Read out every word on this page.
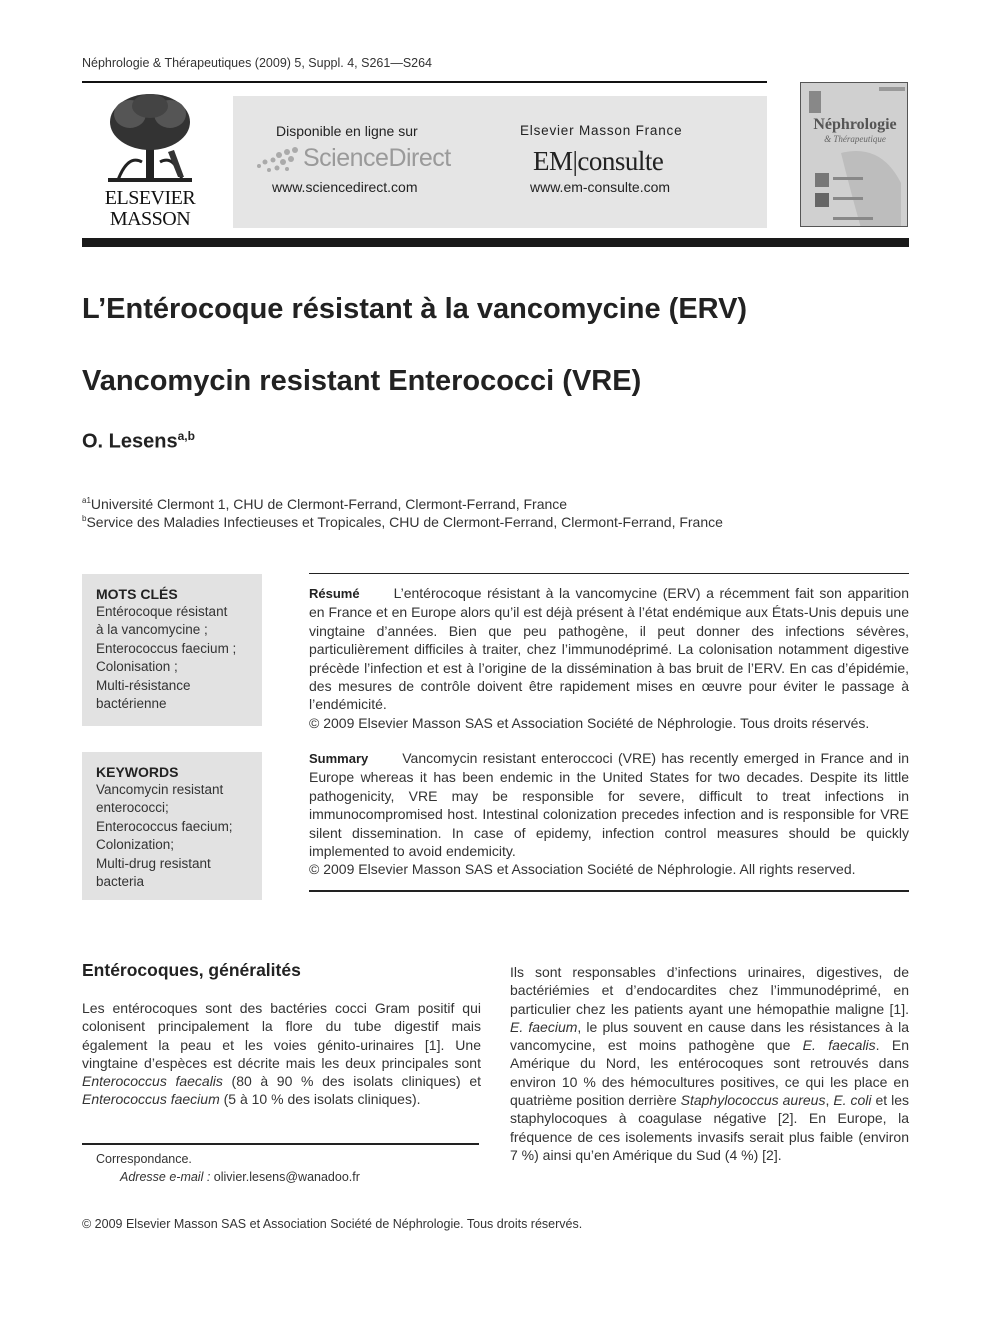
Néphrologie & Thérapeutiques (2009) 5, Suppl. 4, S261—S264
ELSEVIER
MASSON
Disponible en ligne sur
ScienceDirect
www.sciencedirect.com
Elsevier Masson France
EM|consulte
www.em-consulte.com
Néphrologie
& Thérapeutique
L’Entérocoque résistant à la vancomycine (ERV)
Vancomycin resistant Enterococci (VRE)
O. Lesens$^{a,b}$
$^{a1}$Université Clermont 1, CHU de Clermont-Ferrand, Clermont-Ferrand, France
$^b$Service des Maladies Infectieuses et Tropicales, CHU de Clermont-Ferrand, Clermont-Ferrand, France
MOTS CLÉS
Entérocoque résistant
à la vancomycine ;
Enterococcus faecium ;
Colonisation ;
Multi-résistance
bactérienne
KEYWORDS
Vancomycin resistant
enterococci;
Enterococcus faecium;
Colonization;
Multi-drug resistant
bacteria
Résumé L’entérocoque résistant à la vancomycine (ERV) a récemment fait son apparition en France et en Europe alors qu’il est déjà présent à l’état endémique aux États-Unis depuis une vingtaine d’années. Bien que peu pathogène, il peut donner des infections sévères, particulièrement difficiles à traiter, chez l’immunodéprimé. La colonisation notamment digestive précède l’infection et est à l’origine de la dissémination à bas bruit de l’ERV. En cas d’épidémie, des mesures de contrôle doivent être rapidement mises en œuvre pour éviter le passage à l’endémicité.
© 2009 Elsevier Masson SAS et Association Société de Néphrologie. Tous droits réservés.
Summary Vancomycin resistant enteroccoci (VRE) has recently emerged in France and in Europe whereas it has been endemic in the United States for two decades. Despite its little pathogenicity, VRE may be responsible for severe, difficult to treat infections in immunocompromised host. Intestinal colonization precedes infection and is responsible for VRE silent dissemination. In case of epidemy, infection control measures should be quickly implemented to avoid endemicity.
© 2009 Elsevier Masson SAS et Association Société de Néphrologie. All rights reserved.
Entérocoques, généralités
Les entérocoques sont des bactéries cocci Gram positif qui colonisent principalement la flore du tube digestif mais également la peau et les voies génito-urinaires [1]. Une vingtaine d’espèces est décrite mais les deux principales sont Enterococcus faecalis (80 à 90 % des isolats cliniques) et Enterococcus faecium (5 à 10 % des isolats cliniques).
Ils sont responsables d’infections urinaires, digestives, de bactériémies et d’endocardites chez l’immunodéprimé, en particulier chez les patients ayant une hémopathie maligne [1]. E. faecium, le plus souvent en cause dans les résistances à la vancomycine, est moins pathogène que E. faecalis. En Amérique du Nord, les entérocoques sont retrouvés dans environ 10 % des hémocultures positives, ce qui les place en quatrième position derrière Staphylococcus aureus, E. coli et les staphylocoques à coagulase négative [2]. En Europe, la fréquence de ces isolements invasifs serait plus faible (environ 7 %) ainsi qu’en Amérique du Sud (4 %) [2].
Correspondance.
Adresse e-mail : olivier.lesens@wanadoo.fr
© 2009 Elsevier Masson SAS et Association Société de Néphrologie. Tous droits réservés.
